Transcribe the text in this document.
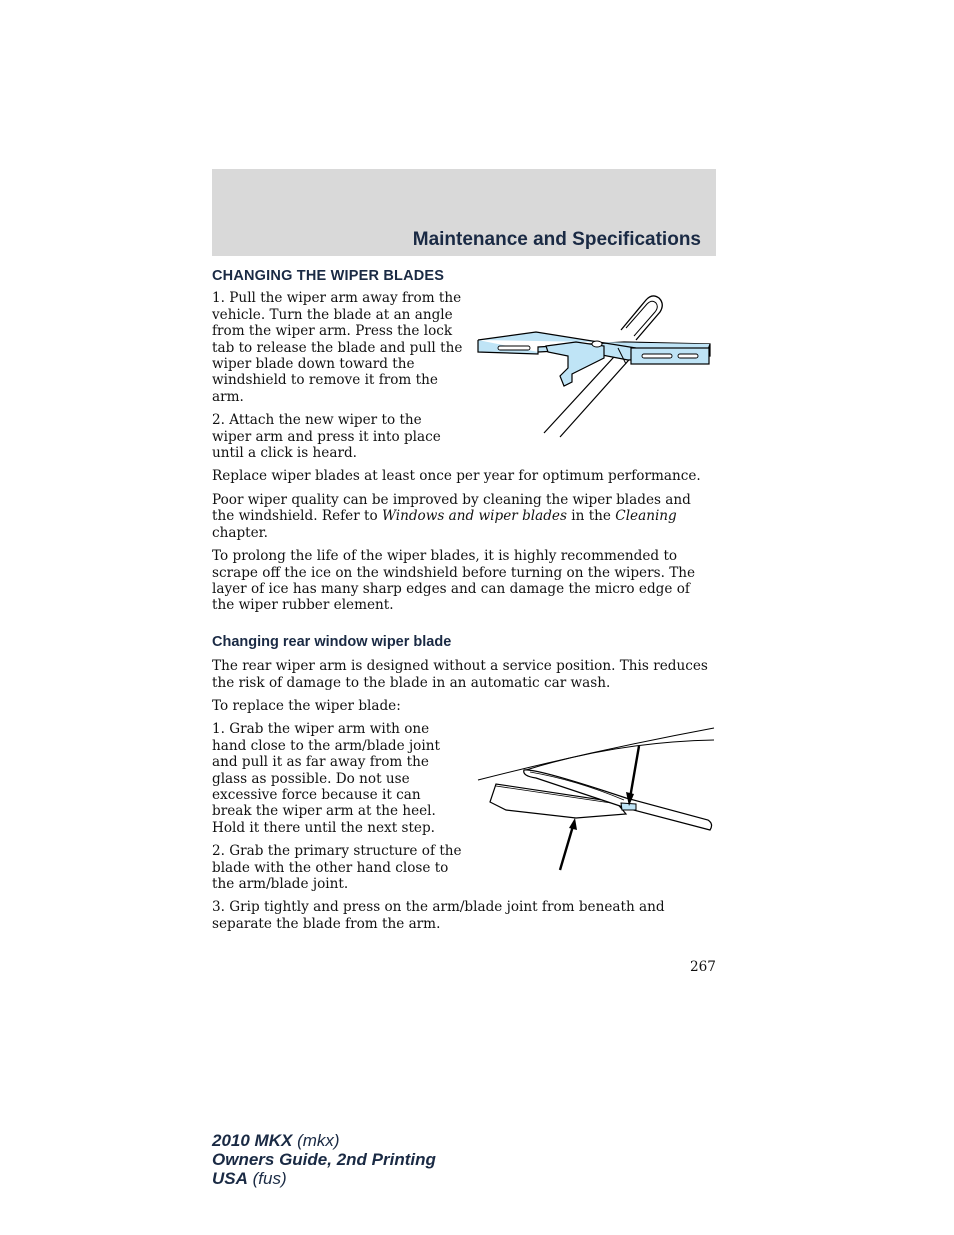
Maintenance and Specifications
CHANGING THE WIPER BLADES

1. Pull the wiper arm away from the vehicle. Turn the blade at an angle from the wiper arm. Press the lock tab to release the blade and pull the wiper blade down toward the windshield to remove it from the arm.

2. Attach the new wiper to the wiper arm and press it into place until a click is heard.

Replace wiper blades at least once per year for optimum performance.

Poor wiper quality can be improved by cleaning the wiper blades and the windshield. Refer to Windows and wiper blades in the Cleaning chapter.

To prolong the life of the wiper blades, it is highly recommended to scrape off the ice on the windshield before turning on the wipers. The layer of ice has many sharp edges and can damage the micro edge of the wiper rubber element.

Changing rear window wiper blade

The rear wiper arm is designed without a service position. This reduces the risk of damage to the blade in an automatic car wash.

To replace the wiper blade:

1. Grab the wiper arm with one hand close to the arm/blade joint and pull it as far away from the glass as possible. Do not use excessive force because it can break the wiper arm at the heel. Hold it there until the next step.

2. Grab the primary structure of the blade with the other hand close to the arm/blade joint.

3. Grip tightly and press on the arm/blade joint from beneath and separate the blade from the arm.

267
2010 MKX (mkx)
Owners Guide, 2nd Printing
USA (fus)
